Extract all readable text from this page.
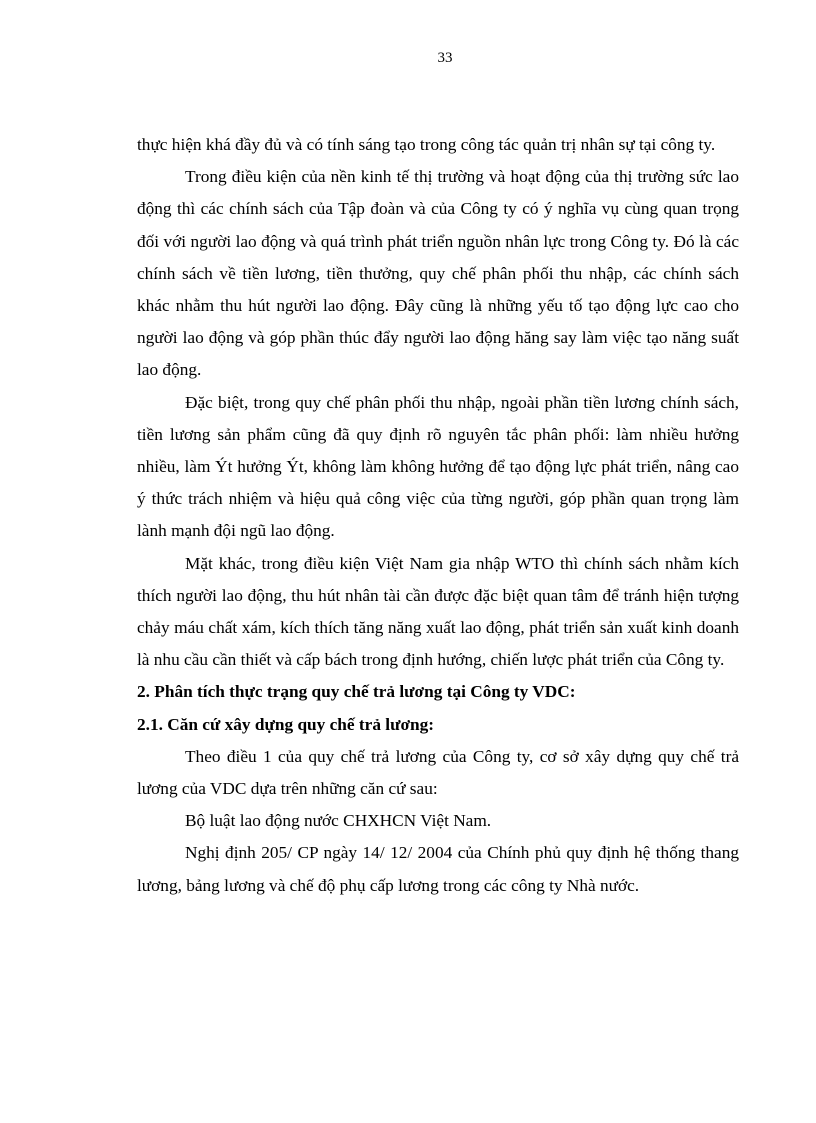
33

thực hiện khá đầy đủ và có tính sáng tạo trong công tác quản trị nhân sự tại công ty.

Trong điều kiện của nền kinh tế thị trường và hoạt động của thị trường sức lao động thì các chính sách của Tập đoàn và của Công ty có ý nghĩa vụ cùng quan trọng đối với người lao động và quá trình phát triển nguồn nhân lực trong Công ty. Đó là các chính sách về tiền lương, tiền thưởng, quy chế phân phối thu nhập, các chính sách khác nhằm thu hút người lao động. Đây cũng là những yếu tố tạo động lực cao cho người lao động và góp phần thúc đẩy người lao động hăng say làm việc tạo năng suất lao động.

Đặc biệt, trong quy chế phân phối thu nhập, ngoài phần tiền lương chính sách, tiền lương sản phẩm cũng đã quy định rõ nguyên tắc phân phối: làm nhiều hưởng nhiều, làm Ýt hưởng Ýt, không làm không hưởng để tạo động lực phát triển, nâng cao ý thức trách nhiệm và hiệu quả công việc của từng người, góp phần quan trọng làm lành mạnh đội ngũ lao động.

Mặt khác, trong điều kiện Việt Nam gia nhập WTO thì chính sách nhằm kích thích người lao động, thu hút nhân tài cần được đặc biệt quan tâm để tránh hiện tượng chảy máu chất xám, kích thích tăng năng xuất lao động, phát triển sản xuất kinh doanh là nhu cầu cần thiết và cấp bách trong định hướng, chiến lược phát triển của Công ty.

2. Phân tích thực trạng quy chế trả lương tại Công ty VDC:

2.1. Căn cứ xây dựng quy chế trả lương:

Theo điều 1 của quy chế trả lương của Công ty, cơ sở xây dựng quy chế trả lương của VDC dựa trên những căn cứ sau:

Bộ luật lao động nước CHXHCN Việt Nam.

Nghị định 205/ CP ngày 14/ 12/ 2004 của Chính phủ quy định hệ thống thang lương, bảng lương và chế độ phụ cấp lương trong các công ty Nhà nước.
